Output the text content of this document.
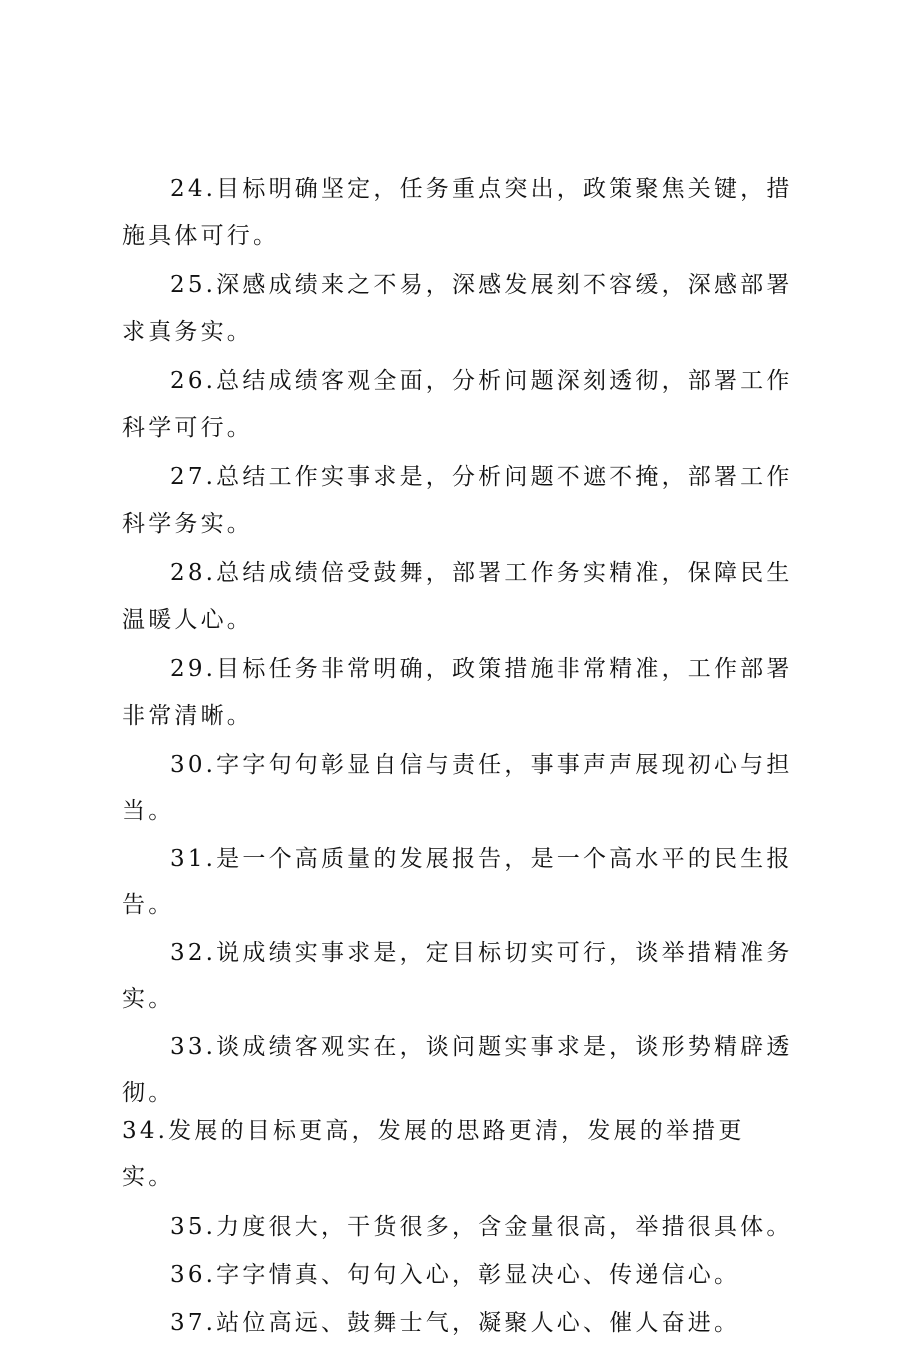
24.目标明确坚定，任务重点突出，政策聚焦关键，措施具体可行。

25.深感成绩来之不易，深感发展刻不容缓，深感部署求真务实。

26.总结成绩客观全面，分析问题深刻透彻，部署工作科学可行。

27.总结工作实事求是，分析问题不遮不掩，部署工作科学务实。

28.总结成绩倍受鼓舞，部署工作务实精准，保障民生温暖人心。

29.目标任务非常明确，政策措施非常精准，工作部署非常清晰。

30.字字句句彰显自信与责任，事事声声展现初心与担当。

31.是一个高质量的发展报告，是一个高水平的民生报告。

32.说成绩实事求是，定目标切实可行，谈举措精准务实。

33.谈成绩客观实在，谈问题实事求是，谈形势精辟透彻。

34.发展的目标更高，发展的思路更清，发展的举措更实。

35.力度很大，干货很多，含金量很高，举措很具体。

36.字字情真、句句入心，彰显决心、传递信心。

37.站位高远、鼓舞士气，凝聚人心、催人奋进。
